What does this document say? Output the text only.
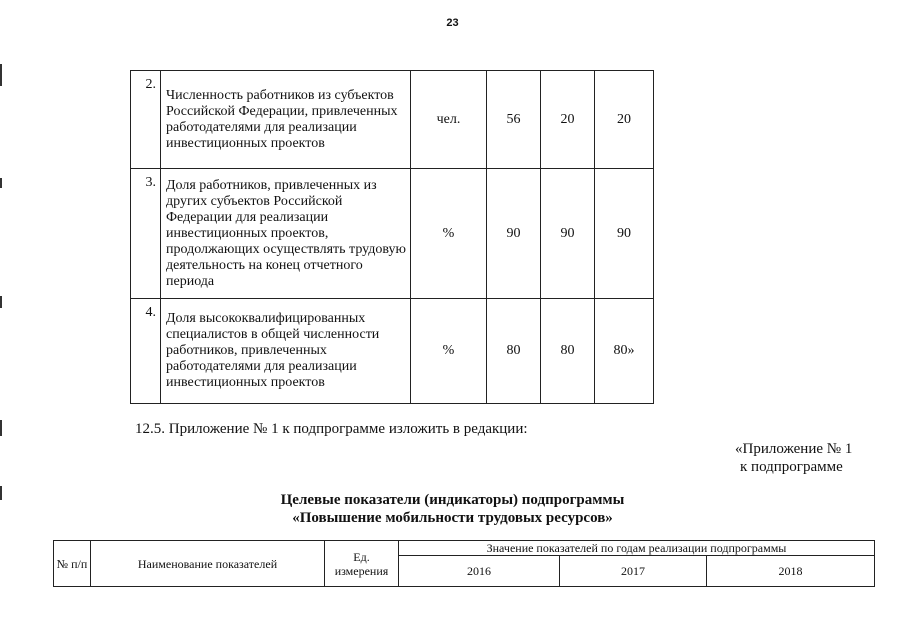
23
2.	Численность работников из субъектов Российской Федерации, привлеченных работодателями для реализации инвестиционных проектов	чел.	56	20	20
3.	Доля работников, привлеченных из других субъектов Российской Федерации для реализации инвестиционных проектов, продолжающих осуществлять трудовую деятельность на конец отчетного периода	%	90	90	90
4.	Доля высококвалифицированных специалистов в общей численности работников, привлеченных работодателями для реализации инвестиционных проектов	%	80	80	80»
12.5. Приложение № 1 к подпрограмме изложить в редакции:
«Приложение № 1
к подпрограмме
Целевые показатели (индикаторы) подпрограммы
«Повышение мобильности трудовых ресурсов»
№ п/п	Наименование показателей	Ед. измерения	Значение показателей по годам реализации подпрограммы		
			2016	2017	2018
